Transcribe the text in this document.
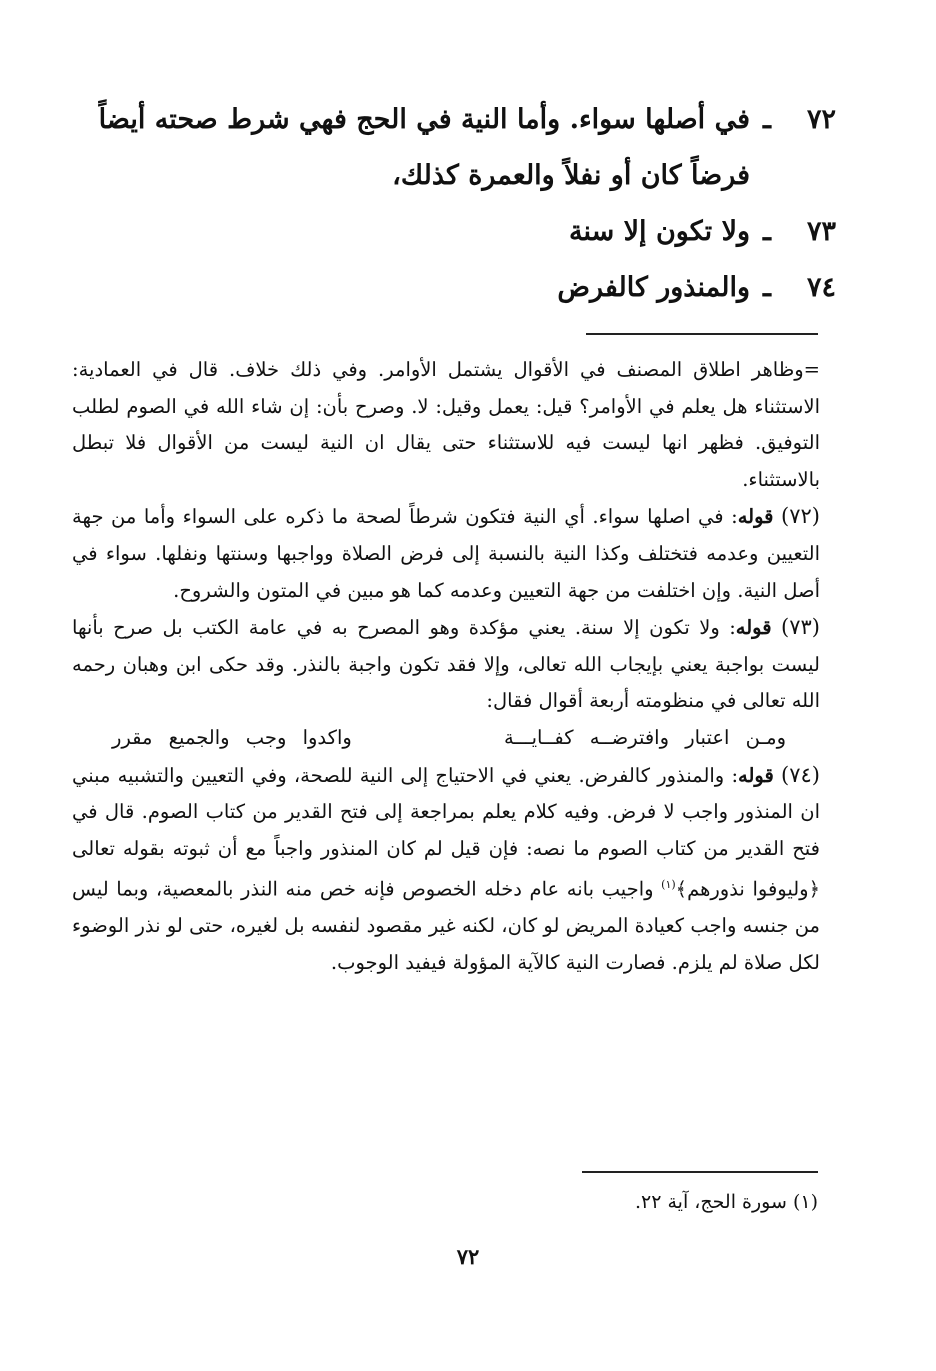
٧٢ـفي أصلها سواء. وأما النية في الحج فهي شرط صحته أيضاً
فرضاً كان أو نفلاً والعمرة كذلك،
٧٣ـولا تكون إلا سنة
٧٤ـوالمنذور كالفرض

=وظاهر اطلاق المصنف في الأقوال يشتمل الأوامر. وفي ذلك خلاف. قال في العمادية: الاستثناء هل يعلم في الأوامر؟ قيل: يعمل وقيل: لا. وصرح بأن: إن شاء الله في الصوم لطلب التوفيق. فظهر انها ليست فيه للاستثناء حتى يقال ان النية ليست من الأقوال فلا تبطل بالاستثناء.

(٧٢) قوله: في اصلها سواء. أي النية فتكون شرطاً لصحة ما ذكره على السواء وأما من جهة التعيين وعدمه فتختلف وكذا النية بالنسبة إلى فرض الصلاة وواجبها وسنتها ونفلها. سواء في أصل النية. وإن اختلفت من جهة التعيين وعدمه كما هو مبين في المتون والشروح.

(٧٣) قوله: ولا تكون إلا سنة. يعني مؤكدة وهو المصرح به في عامة الكتب بل صرح بأنها ليست بواجبة يعني بإيجاب الله تعالى، وإلا فقد تكون واجبة بالنذر. وقد حكى ابن وهبان رحمه الله تعالى في منظومته أربعة أقوال فقال:

ومـن اعتبار وافترضــه كفــايـــة
واكدوا وجب والجميع مقرر

(٧٤) قوله: والمنذور كالفرض. يعني في الاحتياج إلى النية للصحة، وفي التعيين والتشبيه مبني ان المنذور واجب لا فرض. وفيه كلام يعلم بمراجعة إلى فتح القدير من كتاب الصوم. قال في فتح القدير من كتاب الصوم ما نصه: فإن قيل لم كان المنذور واجباً مع أن ثبوته بقوله تعالى ﴿وليوفوا نذورهم﴾$^{(١)}$ واجيب بانه عام دخله الخصوص فإنه خص منه النذر بالمعصية، وبما ليس من جنسه واجب كعيادة المريض لو كان، لكنه غير مقصود لنفسه بل لغيره، حتى لو نذر الوضوء لكل صلاة لم يلزم. فصارت النية كالآية المؤولة فيفيد الوجوب.

(١) سورة الحج، آية ٢٢.
٧٢
